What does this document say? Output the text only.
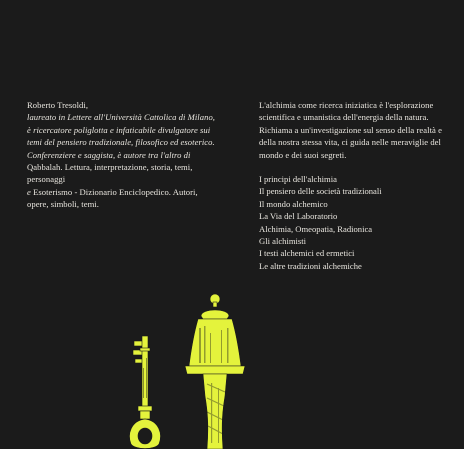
Roberto Tresoldi,
laureato in Lettere all'Università Cattolica di Milano, è ricercatore poliglotta e infaticabile divulgatore sui temi del pensiero tradizionale, filosofico ed esoterico. Conferenziere e saggista, è autore tra l'altro di Qabbalah. Lettura, interpretazione, storia, temi, personaggi
e Esoterismo - Dizionario Enciclopedico. Autori, opere, simboli, temi.

L'alchimia come ricerca iniziatica è l'esplorazione scientifica e umanistica dell'energia della natura. Richiama a un'investigazione sul senso della realtà e della nostra stessa vita, ci guida nelle meraviglie del mondo e dei suoi segreti.

I principi dell'alchimia
Il pensiero delle società tradizionali
Il mondo alchemico
La Via del Laboratorio
Alchimia, Omeopatia, Radionica
Gli alchimisti
I testi alchemici ed ermetici
Le altre tradizioni alchemiche
